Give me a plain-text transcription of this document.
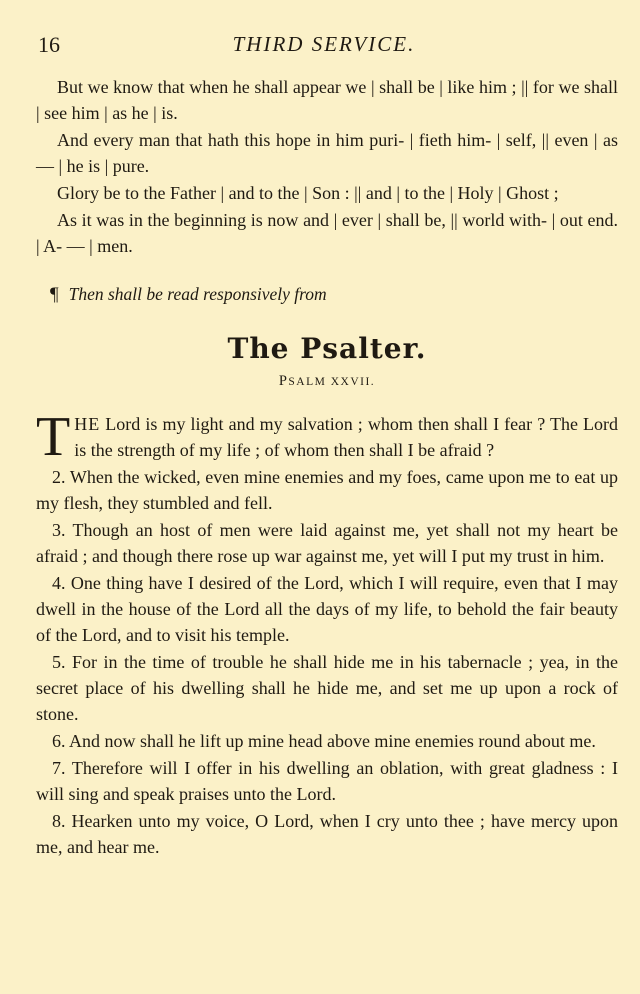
16	THIRD SERVICE.

But we know that when he shall appear we | shall be | like him ; || for we shall | see him | as he | is.

And every man that hath this hope in him puri- | fieth him- | self, || even | as — | he is | pure.

Glory be to the Father | and to the | Son : || and | to the | Holy | Ghost ;

As it was in the beginning is now and | ever | shall be, || world with- | out end. | A- — | men.

¶ Then shall be read responsively from

The Psalter.
PSALM XXVII.

THE Lord is my light and my salvation ; whom then shall I fear ? The Lord is the strength of my life ; of whom then shall I be afraid ?

2. When the wicked, even mine enemies and my foes, came upon me to eat up my flesh, they stumbled and fell.

3. Though an host of men were laid against me, yet shall not my heart be afraid ; and though there rose up war against me, yet will I put my trust in him.

4. One thing have I desired of the Lord, which I will require, even that I may dwell in the house of the Lord all the days of my life, to behold the fair beauty of the Lord, and to visit his temple.

5. For in the time of trouble he shall hide me in his tabernacle ; yea, in the secret place of his dwelling shall he hide me, and set me up upon a rock of stone.

6. And now shall he lift up mine head above mine enemies round about me.

7. Therefore will I offer in his dwelling an oblation, with great gladness : I will sing and speak praises unto the Lord.

8. Hearken unto my voice, O Lord, when I cry unto thee ; have mercy upon me, and hear me.
